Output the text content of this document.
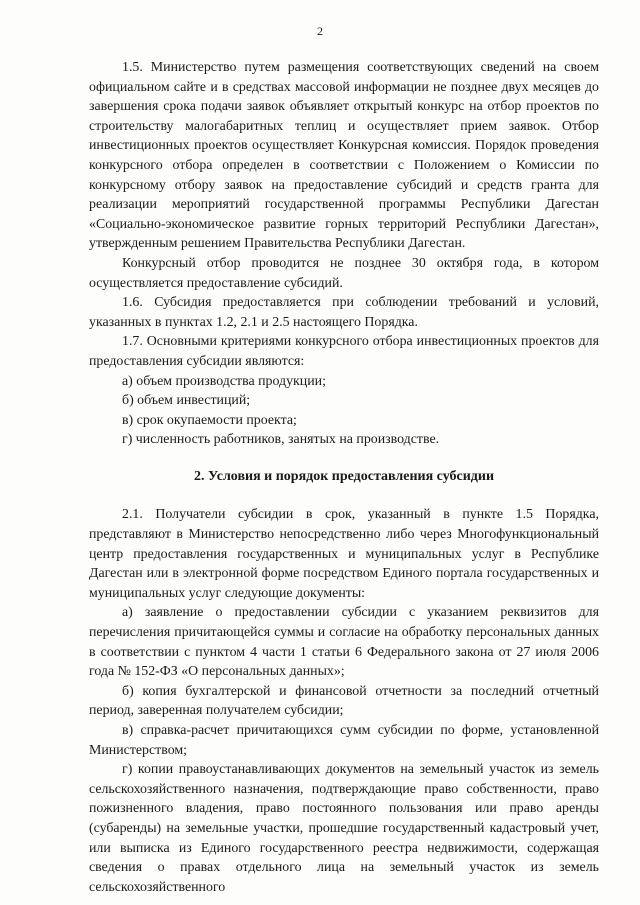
2

1.5. Министерство путем размещения соответствующих сведений на своем официальном сайте и в средствах массовой информации не позднее двух месяцев до завершения срока подачи заявок объявляет открытый конкурс на отбор проектов по строительству малогабаритных теплиц и осуществляет прием заявок. Отбор инвестиционных проектов осуществляет Конкурсная комиссия. Порядок проведения конкурсного отбора определен в соответствии с Положением о Комиссии по конкурсному отбору заявок на предоставление субсидий и средств гранта для реализации мероприятий государственной программы Республики Дагестан «Социально-экономическое развитие горных территорий Республики Дагестан», утвержденным решением Правительства Республики Дагестан.

Конкурсный отбор проводится не позднее 30 октября года, в котором осуществляется предоставление субсидий.

1.6. Субсидия предоставляется при соблюдении требований и условий, указанных в пунктах 1.2, 2.1 и 2.5 настоящего Порядка.

1.7. Основными критериями конкурсного отбора инвестиционных проектов для предоставления субсидии являются:

а) объем производства продукции;

б) объем инвестиций;

в) срок окупаемости проекта;

г) численность работников, занятых на производстве.

2. Условия и порядок предоставления субсидии

2.1. Получатели субсидии в срок, указанный в пункте 1.5 Порядка, представляют в Министерство непосредственно либо через Многофункциональный центр предоставления государственных и муниципальных услуг в Республике Дагестан или в электронной форме посредством Единого портала государственных и муниципальных услуг следующие документы:

а) заявление о предоставлении субсидии с указанием реквизитов для перечисления причитающейся суммы и согласие на обработку персональных данных в соответствии с пунктом 4 части 1 статьи 6 Федерального закона от 27 июля 2006 года № 152-ФЗ «О персональных данных»;

б) копия бухгалтерской и финансовой отчетности за последний отчетный период, заверенная получателем субсидии;

в) справка-расчет причитающихся сумм субсидии по форме, установленной Министерством;

г) копии правоустанавливающих документов на земельный участок из земель сельскохозяйственного назначения, подтверждающие право собственности, право пожизненного владения, право постоянного пользования или право аренды (субаренды) на земельные участки, прошедшие государственный кадастровый учет, или выписка из Единого государственного реестра недвижимости, содержащая сведения о правах отдельного лица на земельный участок из земель сельскохозяйственного
